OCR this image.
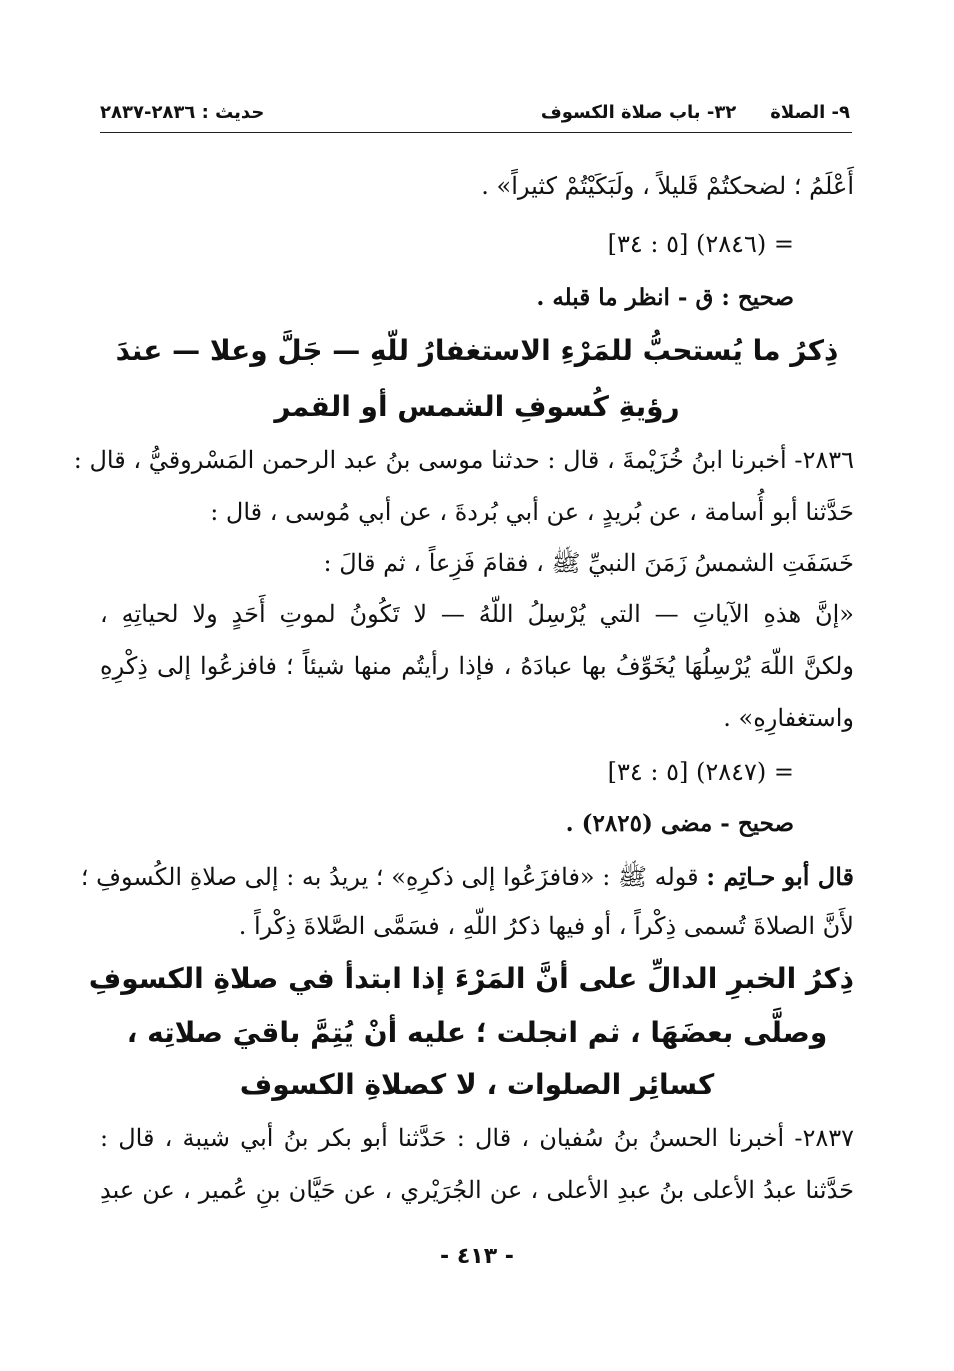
٩- الصلاة
٣٢- باب صلاة الكسوف
حديث : ٢٨٣٦-٢٨٣٧
أَعْلَمُ ؛ لضحكتُمْ قَليلاً ، ولَبَكَيْتُمْ كثيراً» .
= (٢٨٤٦) [٥ : ٣٤]
صحيح : ق - انظر ما قبله .
ذِكرُ ما يُستحبُّ للمَرْءِ الاستغفارُ للّهِ — جَلَّ وعلا — عندَ
رؤيةِ كُسوفِ الشمس أو القمر
٢٨٣٦- أخبرنا ابنُ خُزَيْمةَ ، قال : حدثنا موسى بنُ عبد الرحمن المَسْروقيُّ ، قال :
حَدَّثنا أبو أُسامة ، عن بُريدٍ ، عن أبي بُردةَ ، عن أبي مُوسى ، قال :
خَسَفَتِ الشمسُ زَمَنَ النبيِّ ﷺ ، فقامَ فَزِعاً ، ثم قالَ :
«إنَّ هذهِ الآياتِ — التي يُرْسِلُ اللّهُ — لا تَكُونُ لموتِ أَحَدٍ ولا لحياتِهِ ،
ولكنَّ اللّهَ يُرْسِلُهَا يُخَوِّفُ بها عبادَهُ ، فإذا رأيتُم منها شيئاً ؛ فافزعُوا إلى ذِكْرِهِ
واستغفارِهِ» .
= (٢٨٤٧) [٥ : ٣٤]
صحيح - مضى (٢٨٢٥) .
قال أبو حـاتِم : قوله ﷺ : «فافزَعُوا إلى ذكرِهِ» ؛ يريدُ به : إلى صلاةِ الكُسوفِ ؛
لأَنَّ الصلاةَ تُسمى ذِكْراً ، أو فيها ذكرُ اللّهِ ، فسَمَّى الصَّلاةَ ذِكْراً .
ذِكرُ الخبرِ الدالِّ على أنَّ المَرْءَ إذا ابتدأ في صلاةِ الكسوفِ
وصلَّى بعضَهَا ، ثم انجلت ؛ عليه أنْ يُتِمَّ باقيَ صلاتِه ،
كسائِر الصلوات ، لا كصلاةِ الكسوف
٢٨٣٧- أخبرنا الحسنُ بنُ سُفيان ، قال : حَدَّثنا أبو بكر بنُ أبي شيبة ، قال :
حَدَّثنا عبدُ الأعلى بنُ عبدِ الأعلى ، عن الجُرَيْري ، عن حَيَّان بنِ عُمير ، عن عبدِ
- ٤١٣ -
